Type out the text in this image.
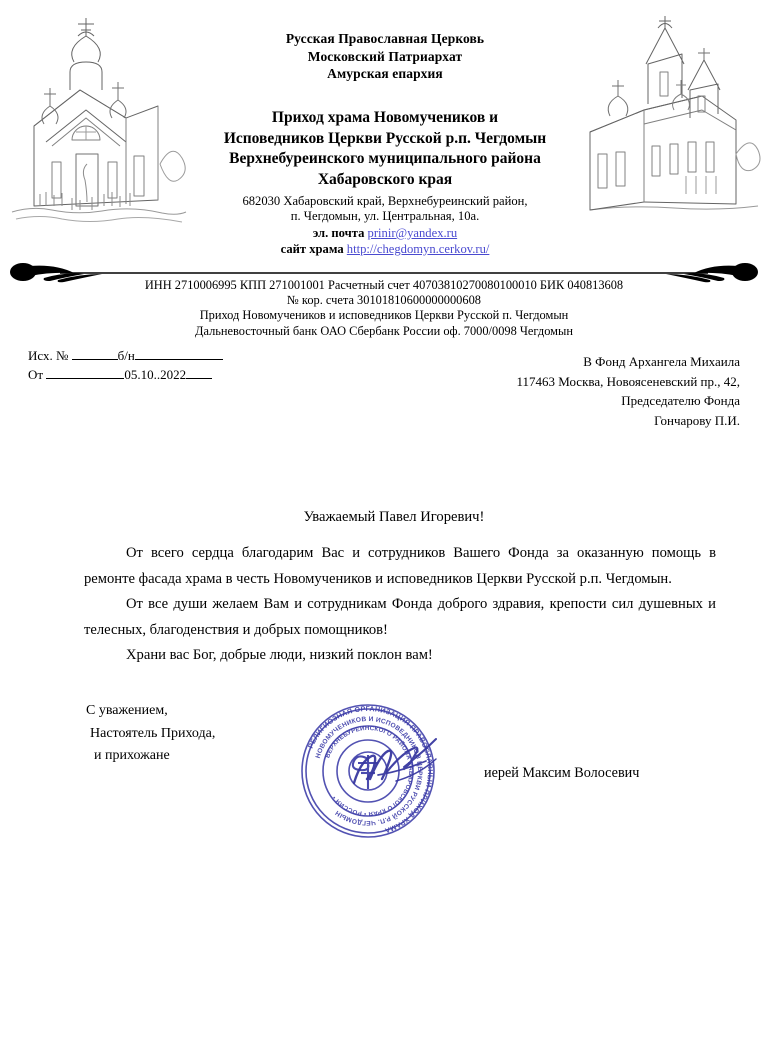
Русская Православная Церковь
Московский Патриархат
Амурская епархия
Приход храма Новомучеников и
Исповедников Церкви Русской р.п. Чегдомын
Верхнебуреинского муниципального района
Хабаровского края
682030 Хабаровский край, Верхнебуреинский район,
п. Чегдомын, ул. Центральная, 10а.
эл. почта prinir@yandex.ru
сайт храма http://chegdomyn.cerkov.ru/
ИНН 2710006995 КПП 271001001 Расчетный счет 40703810270080100010 БИК 040813608
№ кор. счета 30101810600000000608
Приход Новомучеников и исповедников Церкви Русской п. Чегдомын
Дальневосточный банк ОАО Сбербанк России оф. 7000/0098 Чегдомын
Исх. №	б/н
От	05.10..2022
В Фонд Архангела Михаила
117463 Москва, Новоясеневский пр., 42,
Председателю Фонда
Гончарову П.И.
Уважаемый Павел Игоревич!

От всего сердца благодарим Вас и сотрудников Вашего Фонда за оказанную помощь в ремонте фасада храма в честь Новомучеников и исповедников Церкви Русской р.п. Чегдомын.

От все души желаем Вам и сотрудникам Фонда доброго здравия, крепости сил душевных и телесных, благоденствия и добрых помощников!

Храни вас Бог, добрые люди, низкий поклон вам!

С уважением,
Настоятель Прихода,
и прихожане
РЕЛИГИОЗНАЯ ОРГАНИЗАЦИЯ ПРАВОСЛАВНЫЙ ПРИХОД ХРАМА
НОВОМУЧЕНИКОВ И ИСПОВЕДНИКОВ ЦЕРКВИ РУССКОЙ Р.П. ЧЕГДОМЫН
ВЕРХНЕБУРЕИНСКОГО РАЙОНА ХАБАРОВСКОГО КРАЯ • РОССИЯ •
иерей Максим Волосевич
